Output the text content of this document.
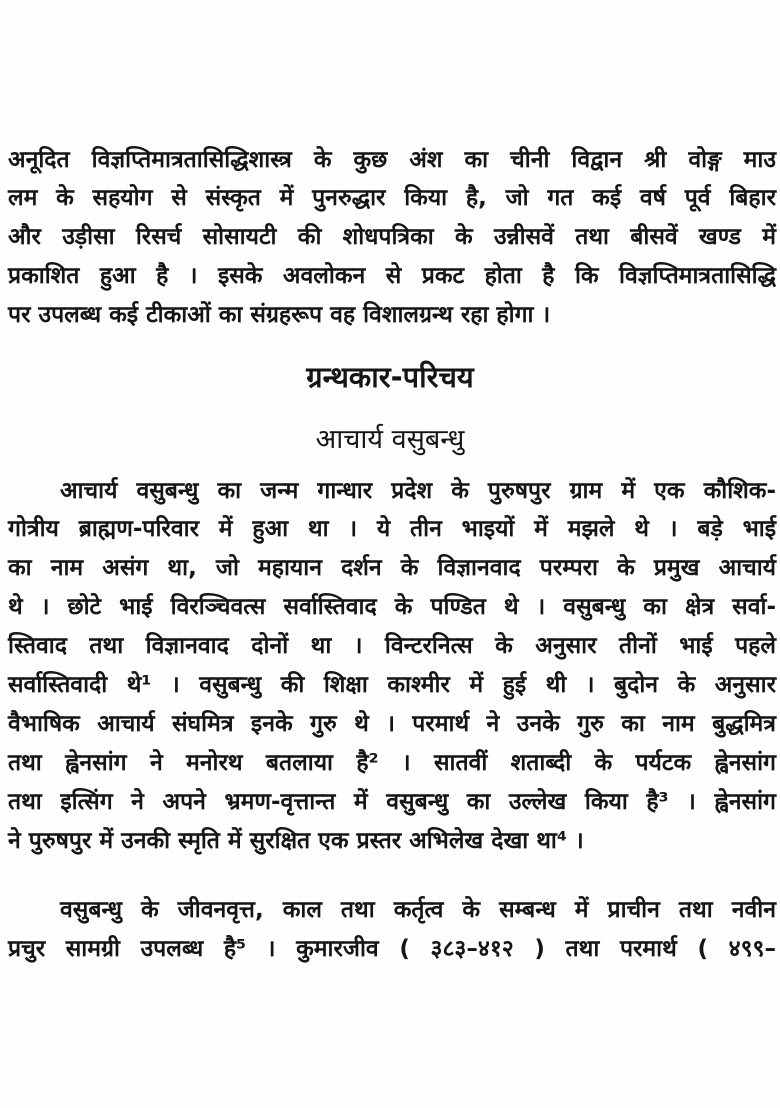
अनूदित विज्ञप्तिमात्रतासिद्धिशास्त्र के कुछ अंश का चीनी विद्वान श्री वोङ्ग माउ
लम के सहयोग से संस्कृत में पुनरुद्धार किया है, जो गत कई वर्ष पूर्व बिहार
और उड़ीसा रिसर्च सोसायटी की शोधपत्रिका के उन्नीसवें तथा बीसवें खण्ड में
प्रकाशित हुआ है । इसके अवलोकन से प्रकट होता है कि विज्ञप्तिमात्रतासिद्धि
पर उपलब्ध कई टीकाओं का संग्रहरूप वह विशालग्रन्थ रहा होगा ।
ग्रन्थकार-परिचय
आचार्य वसुबन्धु
आचार्य वसुबन्धु का जन्म गान्धार प्रदेश के पुरुषपुर ग्राम में एक कौशिक-
गोत्रीय ब्राह्मण-परिवार में हुआ था । ये तीन भाइयों में मझले थे । बड़े भाई
का नाम असंग था, जो महायान दर्शन के विज्ञानवाद परम्परा के प्रमुख आचार्य
थे । छोटे भाई विरञ्चिवत्स सर्वास्तिवाद के पण्डित थे । वसुबन्धु का क्षेत्र सर्वा-
स्तिवाद तथा विज्ञानवाद दोनों था । विन्टरनित्स के अनुसार तीनों भाई पहले
सर्वास्तिवादी थे¹ । वसुबन्धु की शिक्षा काश्मीर में हुई थी । बुदोन के अनुसार
वैभाषिक आचार्य संघमित्र इनके गुरु थे । परमार्थ ने उनके गुरु का नाम बुद्धमित्र
तथा ह्वेनसांग ने मनोरथ बतलाया है² । सातवीं शताब्दी के पर्यटक ह्वेनसांग
तथा इत्सिंग ने अपने भ्रमण-वृत्तान्त में वसुबन्धु का उल्लेख किया है³ । ह्वेनसांग
ने पुरुषपुर में उनकी स्मृति में सुरक्षित एक प्रस्तर अभिलेख देखा था⁴ ।
वसुबन्धु के जीवनवृत्त, काल तथा कर्तृत्व के सम्बन्ध में प्राचीन तथा नवीन
प्रचुर सामग्री उपलब्ध है⁵ । कुमारजीव ( ३८३–४१२ ) तथा परमार्थ ( ४९९–
